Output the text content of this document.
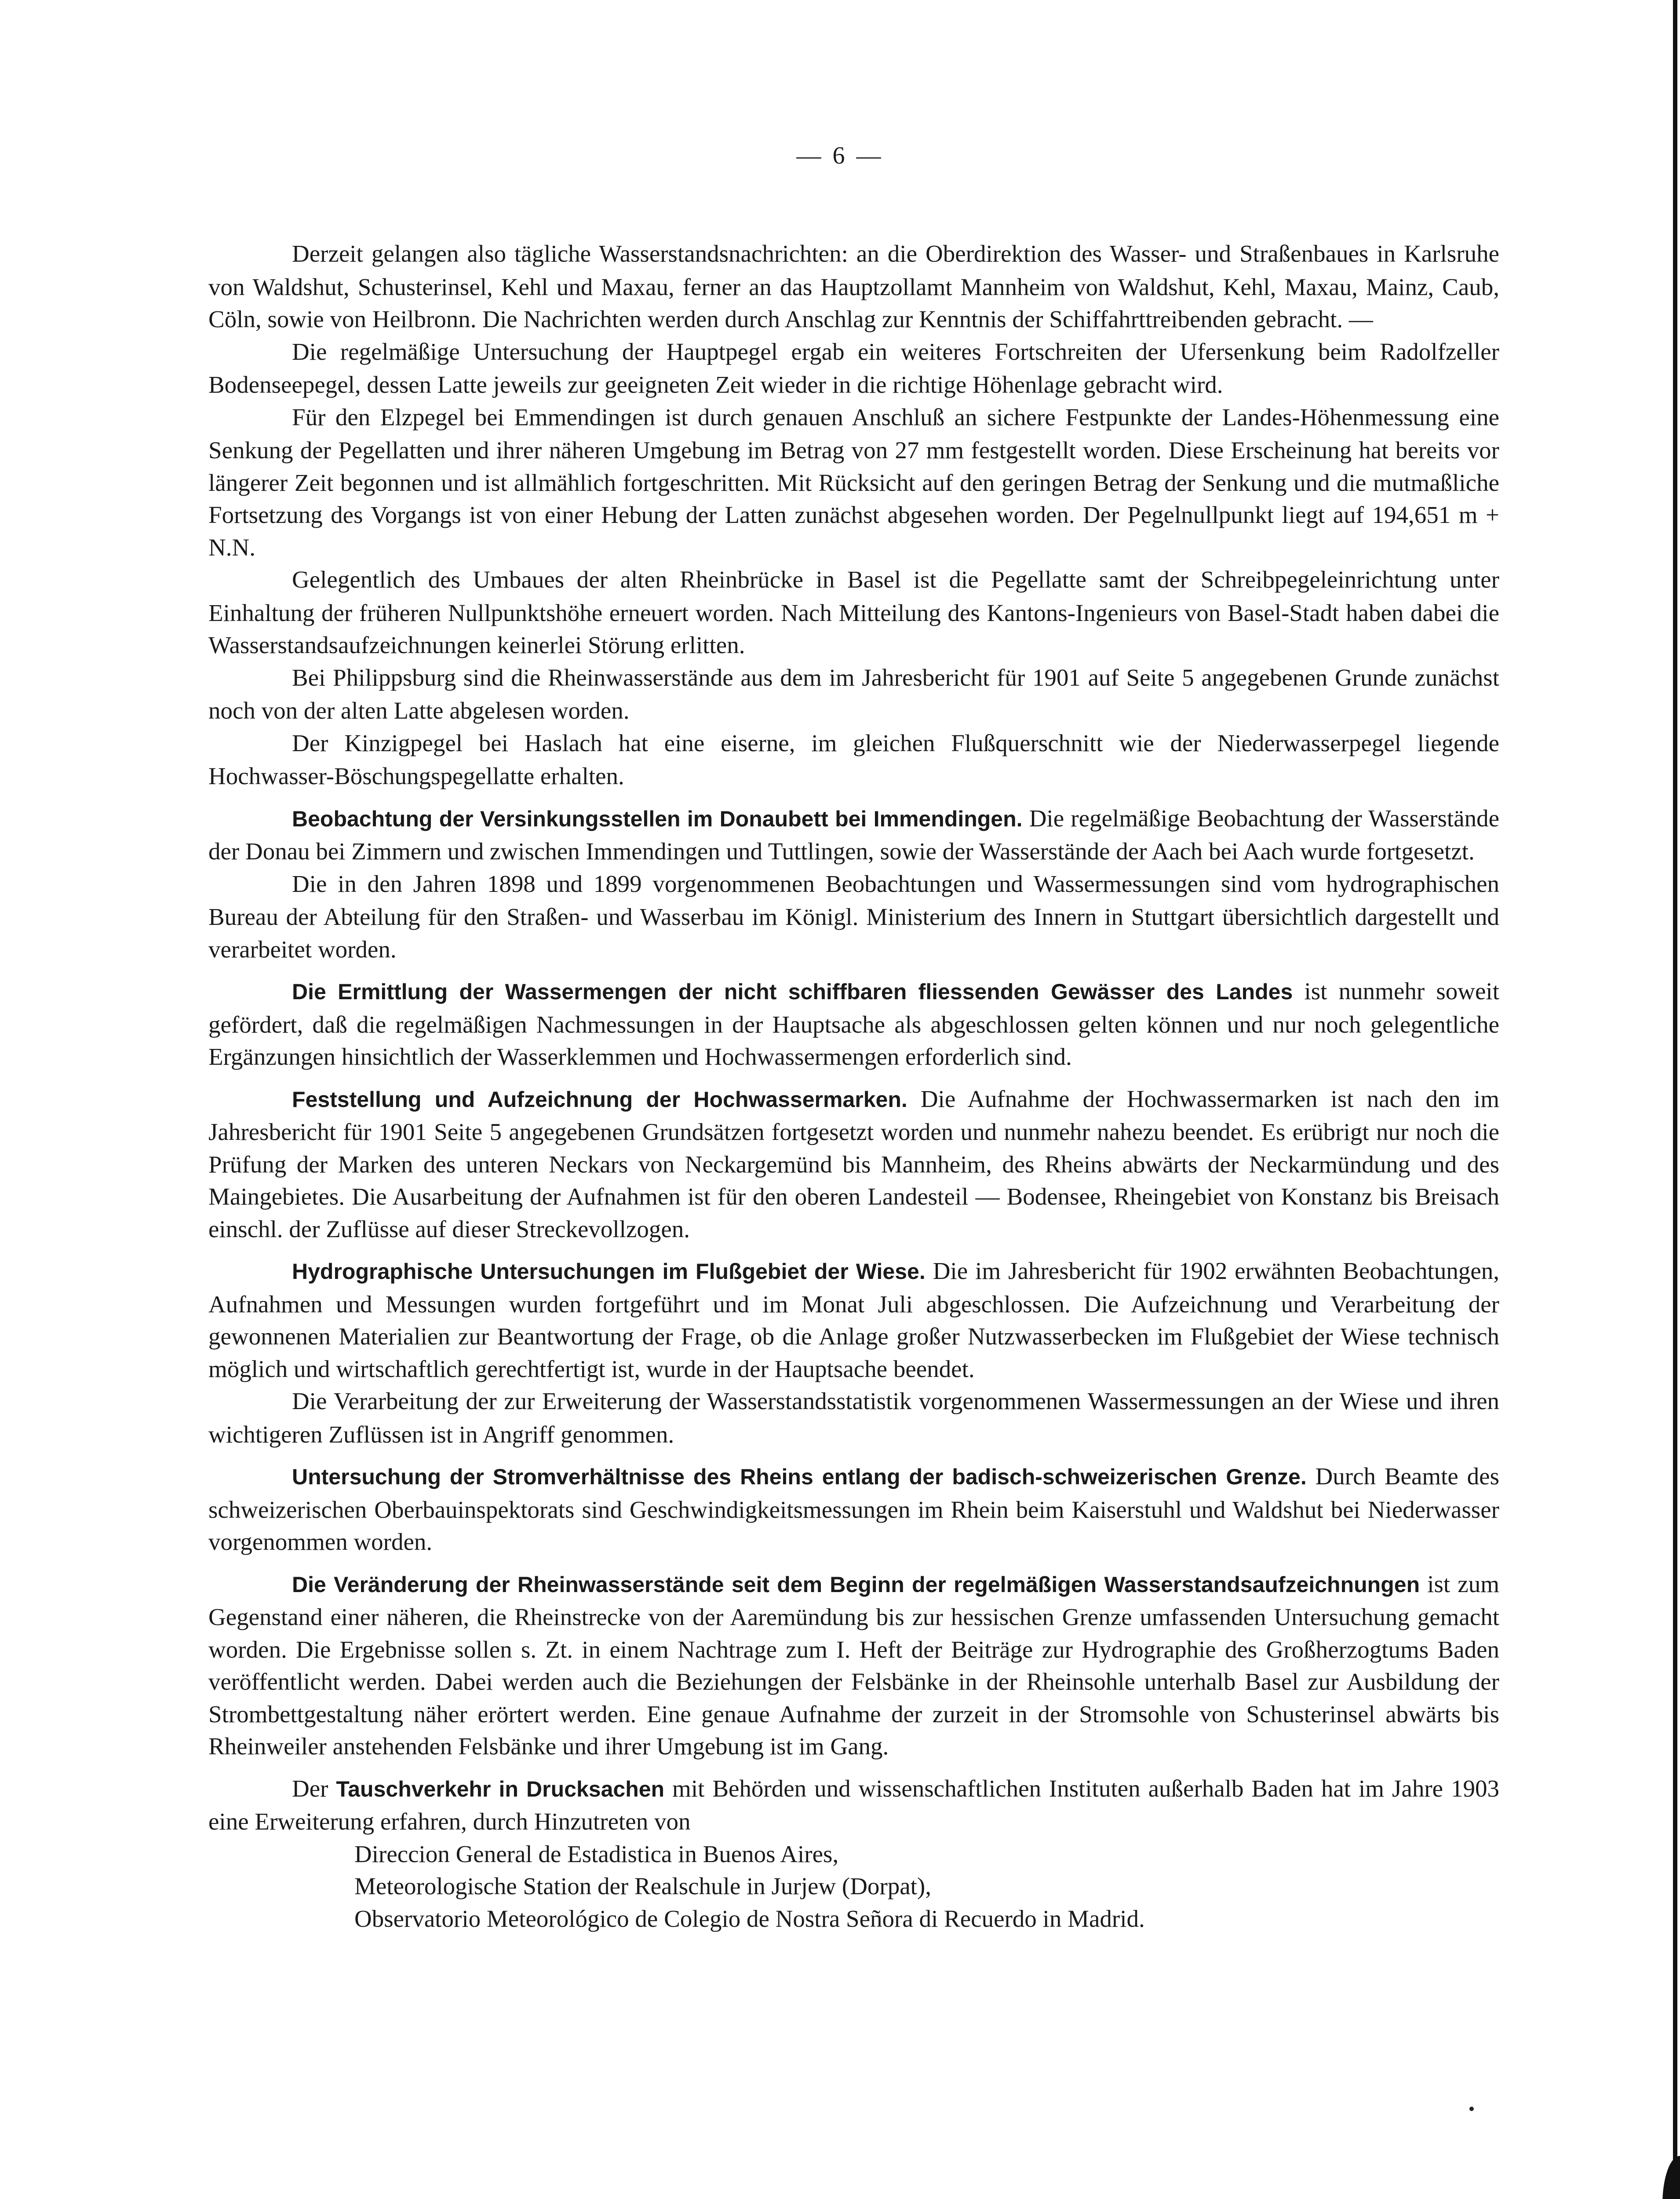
— 6 —

Derzeit gelangen also tägliche Wasserstandsnachrichten: an die Oberdirektion des Wasser- und Straßenbaues in Karlsruhe von Waldshut, Schusterinsel, Kehl und Maxau, ferner an das Hauptzollamt Mannheim von Waldshut, Kehl, Maxau, Mainz, Caub, Cöln, sowie von Heilbronn. Die Nachrichten werden durch Anschlag zur Kenntnis der Schiffahrttreibenden gebracht. —

Die regelmäßige Untersuchung der Hauptpegel ergab ein weiteres Fortschreiten der Ufersenkung beim Radolfzeller Bodenseepegel, dessen Latte jeweils zur geeigneten Zeit wieder in die richtige Höhenlage gebracht wird.

Für den Elzpegel bei Emmendingen ist durch genauen Anschluß an sichere Festpunkte der Landes-Höhenmessung eine Senkung der Pegellatten und ihrer näheren Umgebung im Betrag von 27 mm festgestellt worden. Diese Erscheinung hat bereits vor längerer Zeit begonnen und ist allmählich fortgeschritten. Mit Rücksicht auf den geringen Betrag der Senkung und die mutmaßliche Fortsetzung des Vorgangs ist von einer Hebung der Latten zunächst abgesehen worden. Der Pegelnullpunkt liegt auf 194,651 m + N.N.

Gelegentlich des Umbaues der alten Rheinbrücke in Basel ist die Pegellatte samt der Schreibpegeleinrichtung unter Einhaltung der früheren Nullpunktshöhe erneuert worden. Nach Mitteilung des Kantons-Ingenieurs von Basel-Stadt haben dabei die Wasserstandsaufzeichnungen keinerlei Störung erlitten.

Bei Philippsburg sind die Rheinwasserstände aus dem im Jahresbericht für 1901 auf Seite 5 angegebenen Grunde zunächst noch von der alten Latte abgelesen worden.

Der Kinzigpegel bei Haslach hat eine eiserne, im gleichen Flußquerschnitt wie der Niederwasserpegel liegende Hochwasser-Böschungspegellatte erhalten.

Beobachtung der Versinkungsstellen im Donaubett bei Immendingen. Die regelmäßige Beobachtung der Wasserstände der Donau bei Zimmern und zwischen Immendingen und Tuttlingen, sowie der Wasserstände der Aach bei Aach wurde fortgesetzt.

Die in den Jahren 1898 und 1899 vorgenommenen Beobachtungen und Wassermessungen sind vom hydrographischen Bureau der Abteilung für den Straßen- und Wasserbau im Königl. Ministerium des Innern in Stuttgart übersichtlich dargestellt und verarbeitet worden.

Die Ermittlung der Wassermengen der nicht schiffbaren fliessenden Gewässer des Landes ist nunmehr soweit gefördert, daß die regelmäßigen Nachmessungen in der Hauptsache als abgeschlossen gelten können und nur noch gelegentliche Ergänzungen hinsichtlich der Wasserklemmen und Hochwassermengen erforderlich sind.

Feststellung und Aufzeichnung der Hochwassermarken. Die Aufnahme der Hochwassermarken ist nach den im Jahresbericht für 1901 Seite 5 angegebenen Grundsätzen fortgesetzt worden und nunmehr nahezu beendet. Es erübrigt nur noch die Prüfung der Marken des unteren Neckars von Neckargemünd bis Mannheim, des Rheins abwärts der Neckarmündung und des Maingebietes. Die Ausarbeitung der Aufnahmen ist für den oberen Landesteil — Bodensee, Rheingebiet von Konstanz bis Breisach einschl. der Zuflüsse auf dieser Streckevollzogen.

Hydrographische Untersuchungen im Flußgebiet der Wiese. Die im Jahresbericht für 1902 erwähnten Beobachtungen, Aufnahmen und Messungen wurden fortgeführt und im Monat Juli abgeschlossen. Die Aufzeichnung und Verarbeitung der gewonnenen Materialien zur Beantwortung der Frage, ob die Anlage großer Nutzwasserbecken im Flußgebiet der Wiese technisch möglich und wirtschaftlich gerechtfertigt ist, wurde in der Hauptsache beendet.

Die Verarbeitung der zur Erweiterung der Wasserstandsstatistik vorgenommenen Wassermessungen an der Wiese und ihren wichtigeren Zuflüssen ist in Angriff genommen.

Untersuchung der Stromverhältnisse des Rheins entlang der badisch-schweizerischen Grenze. Durch Beamte des schweizerischen Oberbauinspektorats sind Geschwindigkeitsmessungen im Rhein beim Kaiserstuhl und Waldshut bei Niederwasser vorgenommen worden.

Die Veränderung der Rheinwasserstände seit dem Beginn der regelmäßigen Wasserstandsaufzeichnungen ist zum Gegenstand einer näheren, die Rheinstrecke von der Aaremündung bis zur hessischen Grenze umfassenden Untersuchung gemacht worden. Die Ergebnisse sollen s. Zt. in einem Nachtrage zum I. Heft der Beiträge zur Hydrographie des Großherzogtums Baden veröffentlicht werden. Dabei werden auch die Beziehungen der Felsbänke in der Rheinsohle unterhalb Basel zur Ausbildung der Strombettgestaltung näher erörtert werden. Eine genaue Aufnahme der zurzeit in der Stromsohle von Schusterinsel abwärts bis Rheinweiler anstehenden Felsbänke und ihrer Umgebung ist im Gang.

Der Tauschverkehr in Drucksachen mit Behörden und wissenschaftlichen Instituten außerhalb Baden hat im Jahre 1903 eine Erweiterung erfahren, durch Hinzutreten von

Direccion General de Estadistica in Buenos Aires,
Meteorologische Station der Realschule in Jurjew (Dorpat),
Observatorio Meteorológico de Colegio de Nostra Señora di Recuerdo in Madrid.
